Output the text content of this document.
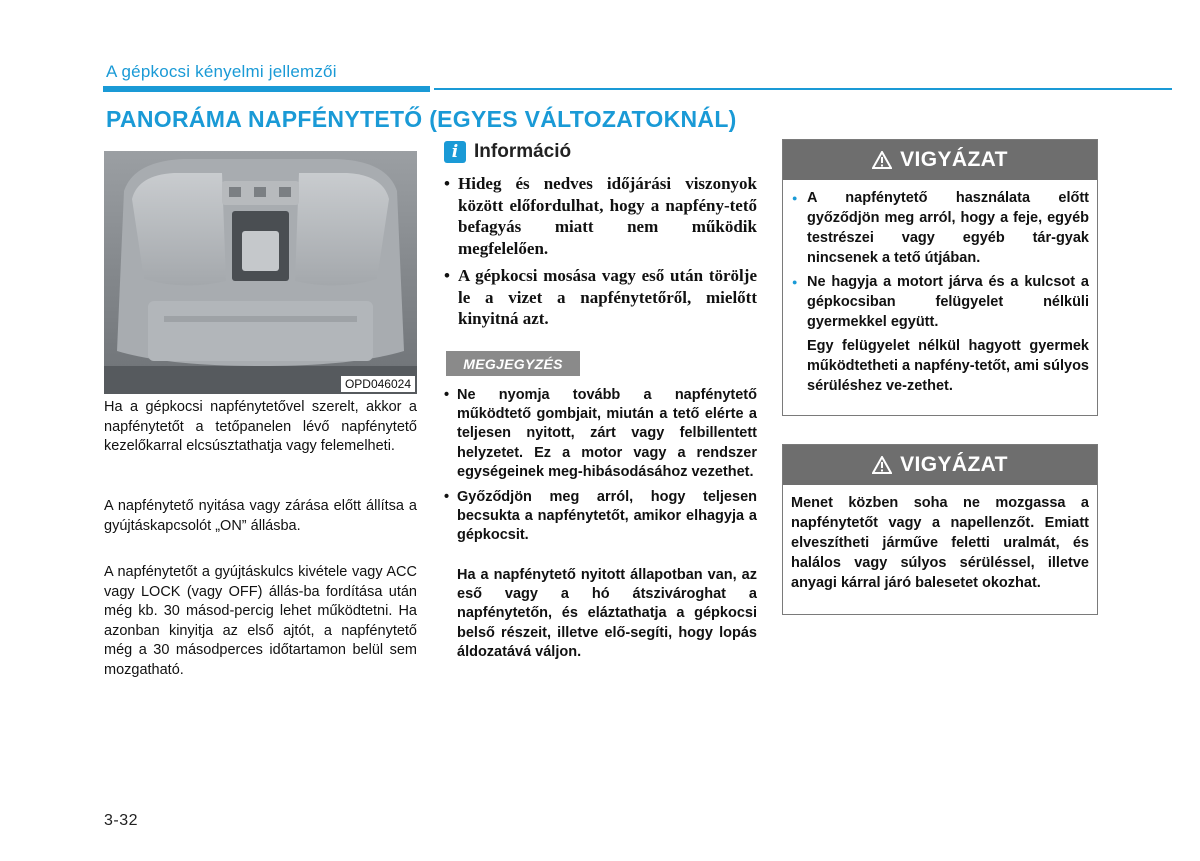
A gépkocsi kényelmi jellemzői
PANORÁMA NAPFÉNYTETŐ (EGYES VÁLTOZATOKNÁL)
OPD046024
Ha a gépkocsi napfénytetővel szerelt, akkor a napfénytetőt a tetőpanelen lévő napfénytető kezelőkarral elcsúsztathatja vagy felemelheti.
A napfénytető nyitása vagy zárása előtt állítsa a gyújtáskapcsolót „ON” állásba.
A napfénytetőt a gyújtáskulcs kivétele vagy ACC vagy LOCK (vagy OFF) állás-ba fordítása után még kb. 30 másod-percig lehet működtetni. Ha azonban kinyitja az első ajtót, a napfénytető még a 30 másodperces időtartamon belül sem mozgatható.
i Információ
• Hideg és nedves időjárási viszonyok között előfordulhat, hogy a napfény-tető befagyás miatt nem működik megfelelően.
• A gépkocsi mosása vagy eső után törölje le a vizet a napfénytetőről, mielőtt kinyitná azt.
MEGJEGYZÉS
• Ne nyomja tovább a napfénytető működtető gombjait, miután a tető elérte a teljesen nyitott, zárt vagy felbillentett helyzetet. Ez a motor vagy a rendszer egységeinek meg-hibásodásához vezethet.
• Győződjön meg arról, hogy teljesen becsukta a napfénytetőt, amikor elhagyja a gépkocsit.
Ha a napfénytető nyitott állapotban van, az eső vagy a hó átszivároghat a napfénytetőn, és eláztathatja a gépkocsi belső részeit, illetve elő-segíti, hogy lopás áldozatává váljon.
VIGYÁZAT
● A napfénytető használata előtt győződjön meg arról, hogy a feje, egyéb testrészei vagy egyéb tár-gyak nincsenek a tető útjában.
● Ne hagyja a motort járva és a kulcsot a gépkocsiban felügyelet nélküli gyermekkel együtt.
Egy felügyelet nélkül hagyott gyermek működtetheti a napfény-tetőt, ami súlyos sérüléshez ve-zethet.
VIGYÁZAT
Menet közben soha ne mozgassa a napfénytetőt vagy a napellenzőt. Emiatt elveszítheti járműve feletti uralmát, és halálos vagy súlyos sérüléssel, illetve anyagi kárral járó balesetet okozhat.
3-32
